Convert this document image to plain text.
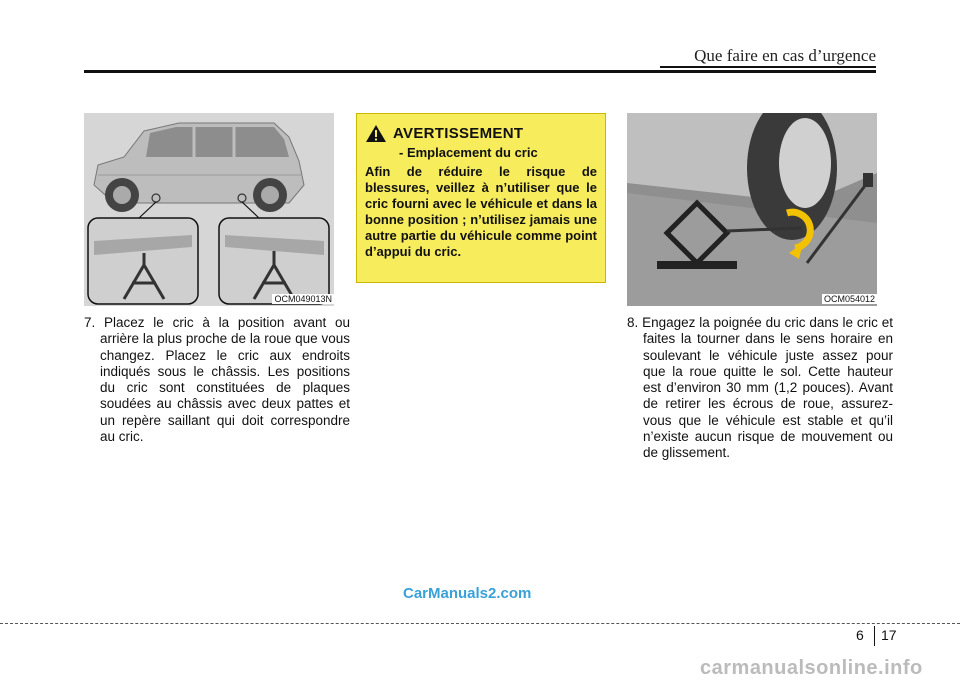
Que faire en cas d’urgence
OCM049013N
AVERTISSEMENT
- Emplacement du cric
Afin de réduire le risque de blessures, veillez à n’utiliser que le cric fourni avec le véhicule et dans la bonne position ; n’utilisez jamais une autre partie du véhicule comme point d’appui du cric.
OCM054012
7. Placez le cric à la position avant ou arrière la plus proche de la roue que vous changez. Placez le cric aux endroits indiqués sous le châssis. Les positions du cric sont constituées de plaques soudées au châssis avec deux pattes et un repère saillant qui doit correspondre au cric.
8. Engagez la poignée du cric dans le cric et faites la tourner dans le sens horaire en soulevant le véhicule juste assez pour que la roue quitte le sol. Cette hauteur est d’environ 30 mm (1,2 pouces). Avant de retirer les écrous de roue, assurez-vous que le véhicule est stable et qu’il n’existe aucun risque de mouvement ou de glissement.
CarManuals2.com
carmanualsonline.info
6 17
